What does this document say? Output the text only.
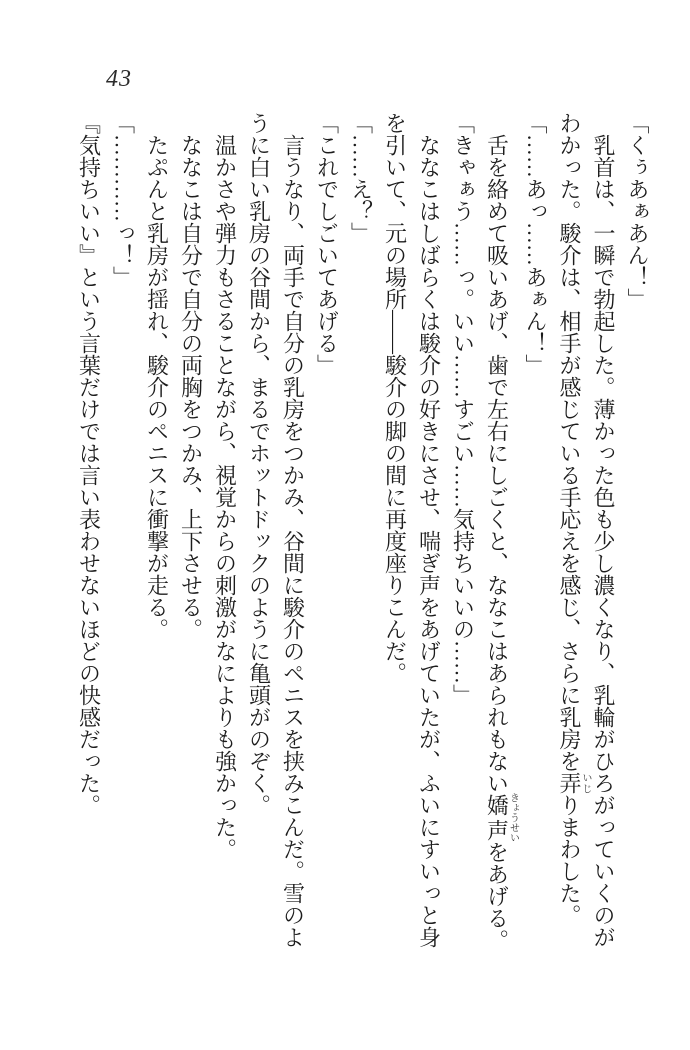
43

「くぅあぁあん！」

乳首は、一瞬で勃起した。薄かった色も少し濃くなり、乳輪がひろがっていくのがわかった。駿介は、相手が感じている手応えを感じ、さらに乳房を弄いじりまわした。

「……あっ……あぁん！」

舌を絡めて吸いあげ、歯で左右にしごくと、ななこはあられもない嬌声きょうせいをあげる。

「きゃぁう……っ。いい……すごい……気持ちいいの……」

ななこはしばらくは駿介の好きにさせ、喘ぎ声をあげていたが、ふいにすいっと身を引いて、元の場所――駿介の脚の間に再度座りこんだ。

「……え？」

「これでしごいてあげる」

言うなり、両手で自分の乳房をつかみ、谷間に駿介のペニスを挟みこんだ。雪のように白い乳房の谷間から、まるでホットドックのように亀頭がのぞく。

温かさや弾力もさることながら、視覚からの刺激がなによりも強かった。

ななこは自分で自分の両胸をつかみ、上下させる。

たぷんと乳房が揺れ、駿介のペニスに衝撃が走る。

「…………っ！」

『気持ちいい』という言葉だけでは言い表わせないほどの快感だった。
